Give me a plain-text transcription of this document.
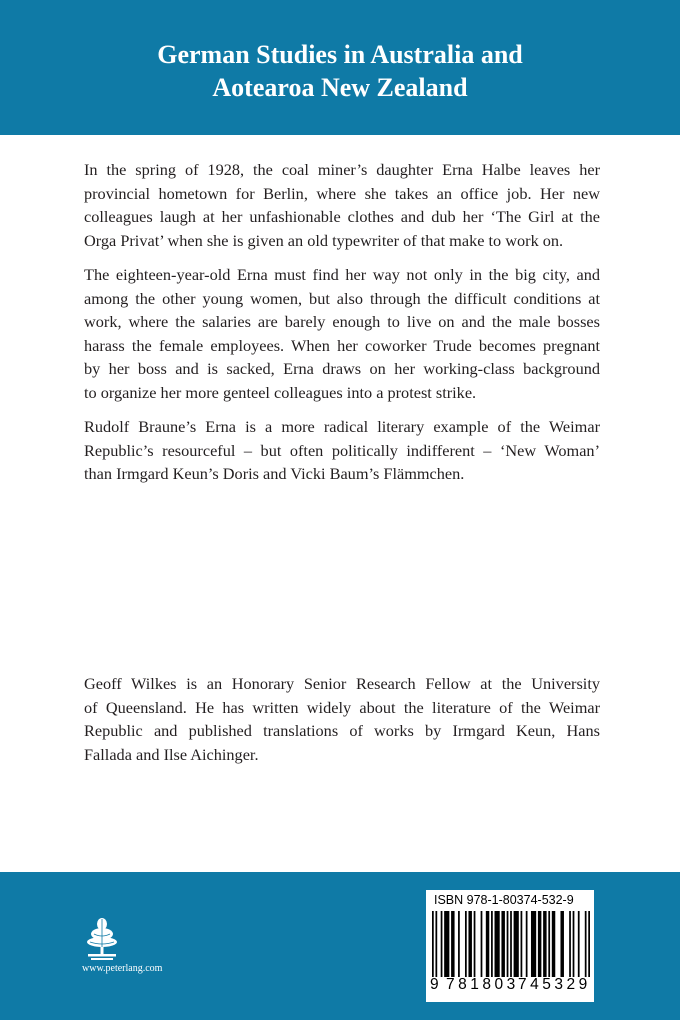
German Studies in Australia and
Aotearoa New Zealand
In the spring of 1928, the coal miner’s daughter Erna Halbe leaves her
provincial hometown for Berlin, where she takes an office job. Her new
colleagues laugh at her unfashionable clothes and dub her ‘The Girl at the
Orga Privat’ when she is given an old typewriter of that make to work on.
The eighteen-year-old Erna must find her way not only in the big city, and
among the other young women, but also through the difficult conditions at
work, where the salaries are barely enough to live on and the male bosses
harass the female employees. When her coworker Trude becomes pregnant
by her boss and is sacked, Erna draws on her working-class background
to organize her more genteel colleagues into a protest strike.
Rudolf Braune’s Erna is a more radical literary example of the Weimar
Republic’s resourceful – but often politically indifferent – ‘New Woman’
than Irmgard Keun’s Doris and Vicki Baum’s Flämmchen.
Geoff Wilkes is an Honorary Senior Research Fellow at the University
of Queensland. He has written widely about the literature of the Weimar
Republic and published translations of works by Irmgard Keun, Hans
Fallada and Ilse Aichinger.
www.peterlang.com
ISBN 978-1-80374-532-9
9 781803 745329
